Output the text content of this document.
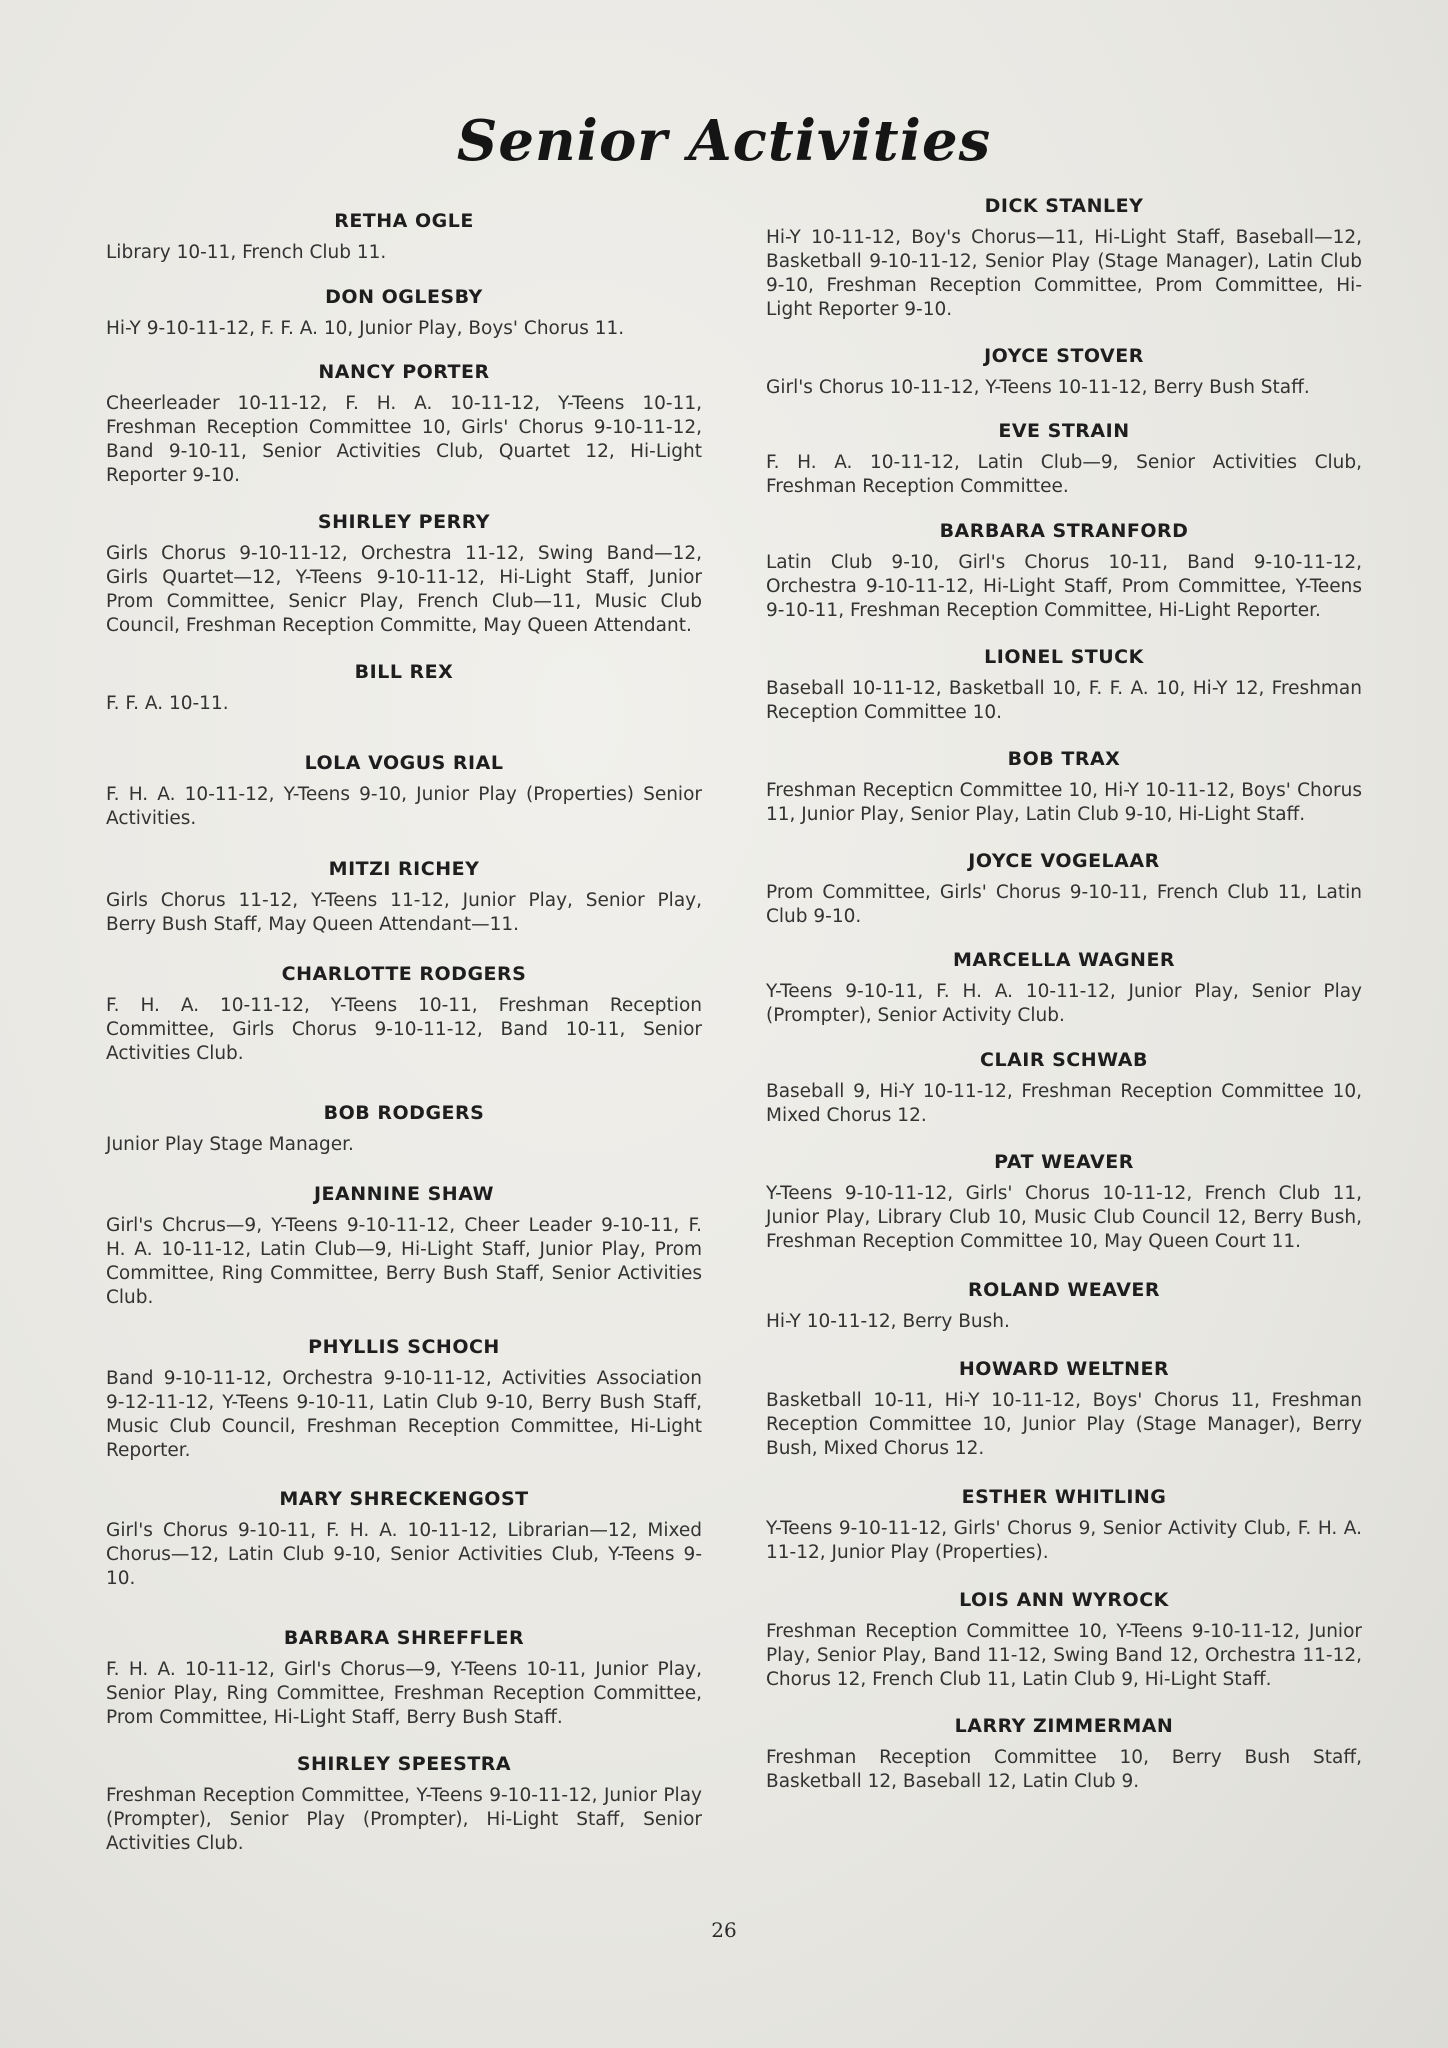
Senior Activities
RETHA OGLE
Library 10-11, French Club 11.
DON OGLESBY
Hi-Y 9-10-11-12, F. F. A. 10, Junior Play, Boys' Chorus 11.
NANCY PORTER
Cheerleader 10-11-12, F. H. A. 10-11-12, Y-Teens 10-11, Freshman Reception Committee 10, Girls' Chorus 9-10-11-12, Band 9-10-11, Senior Activities Club, Quartet 12, Hi-Light Reporter 9-10.
SHIRLEY PERRY
Girls Chorus 9-10-11-12, Orchestra 11-12, Swing Band—12, Girls Quartet—12, Y-Teens 9-10-11-12, Hi-Light Staff, Junior Prom Committee, Senicr Play, French Club—11, Music Club Council, Freshman Reception Committe, May Queen Attendant.
BILL REX
F. F. A. 10-11.
LOLA VOGUS RIAL
F. H. A. 10-11-12, Y-Teens 9-10, Junior Play (Properties) Senior Activities.
MITZI RICHEY
Girls Chorus 11-12, Y-Teens 11-12, Junior Play, Senior Play, Berry Bush Staff, May Queen Attendant—11.
CHARLOTTE RODGERS
F. H. A. 10-11-12, Y-Teens 10-11, Freshman Reception Committee, Girls Chorus 9-10-11-12, Band 10-11, Senior Activities Club.
BOB RODGERS
Junior Play Stage Manager.
JEANNINE SHAW
Girl's Chcrus—9, Y-Teens 9-10-11-12, Cheer Leader 9-10-11, F. H. A. 10-11-12, Latin Club—9, Hi-Light Staff, Junior Play, Prom Committee, Ring Committee, Berry Bush Staff, Senior Activities Club.
PHYLLIS SCHOCH
Band 9-10-11-12, Orchestra 9-10-11-12, Activities Association 9-12-11-12, Y-Teens 9-10-11, Latin Club 9-10, Berry Bush Staff, Music Club Council, Freshman Reception Committee, Hi-Light Reporter.
MARY SHRECKENGOST
Girl's Chorus 9-10-11, F. H. A. 10-11-12, Librarian—12, Mixed Chorus—12, Latin Club 9-10, Senior Activities Club, Y-Teens 9-10.
BARBARA SHREFFLER
F. H. A. 10-11-12, Girl's Chorus—9, Y-Teens 10-11, Junior Play, Senior Play, Ring Committee, Freshman Reception Committee, Prom Committee, Hi-Light Staff, Berry Bush Staff.
SHIRLEY SPEESTRA
Freshman Reception Committee, Y-Teens 9-10-11-12, Junior Play (Prompter), Senior Play (Prompter), Hi-Light Staff, Senior Activities Club.
DICK STANLEY
Hi-Y 10-11-12, Boy's Chorus—11, Hi-Light Staff, Baseball—12, Basketball 9-10-11-12, Senior Play (Stage Manager), Latin Club 9-10, Freshman Reception Committee, Prom Committee, Hi-Light Reporter 9-10.
JOYCE STOVER
Girl's Chorus 10-11-12, Y-Teens 10-11-12, Berry Bush Staff.
EVE STRAIN
F. H. A. 10-11-12, Latin Club—9, Senior Activities Club, Freshman Reception Committee.
BARBARA STRANFORD
Latin Club 9-10, Girl's Chorus 10-11, Band 9-10-11-12, Orchestra 9-10-11-12, Hi-Light Staff, Prom Committee, Y-Teens 9-10-11, Freshman Reception Committee, Hi-Light Reporter.
LIONEL STUCK
Baseball 10-11-12, Basketball 10, F. F. A. 10, Hi-Y 12, Freshman Reception Committee 10.
BOB TRAX
Freshman Recepticn Committee 10, Hi-Y 10-11-12, Boys' Chorus 11, Junior Play, Senior Play, Latin Club 9-10, Hi-Light Staff.
JOYCE VOGELAAR
Prom Committee, Girls' Chorus 9-10-11, French Club 11, Latin Club 9-10.
MARCELLA WAGNER
Y-Teens 9-10-11, F. H. A. 10-11-12, Junior Play, Senior Play (Prompter), Senior Activity Club.
CLAIR SCHWAB
Baseball 9, Hi-Y 10-11-12, Freshman Reception Committee 10, Mixed Chorus 12.
PAT WEAVER
Y-Teens 9-10-11-12, Girls' Chorus 10-11-12, French Club 11, Junior Play, Library Club 10, Music Club Council 12, Berry Bush, Freshman Reception Committee 10, May Queen Court 11.
ROLAND WEAVER
Hi-Y 10-11-12, Berry Bush.
HOWARD WELTNER
Basketball 10-11, Hi-Y 10-11-12, Boys' Chorus 11, Freshman Reception Committee 10, Junior Play (Stage Manager), Berry Bush, Mixed Chorus 12.
ESTHER WHITLING
Y-Teens 9-10-11-12, Girls' Chorus 9, Senior Activity Club, F. H. A. 11-12, Junior Play (Properties).
LOIS ANN WYROCK
Freshman Reception Committee 10, Y-Teens 9-10-11-12, Junior Play, Senior Play, Band 11-12, Swing Band 12, Orchestra 11-12, Chorus 12, French Club 11, Latin Club 9, Hi-Light Staff.
LARRY ZIMMERMAN
Freshman Reception Committee 10, Berry Bush Staff, Basketball 12, Baseball 12, Latin Club 9.
26
